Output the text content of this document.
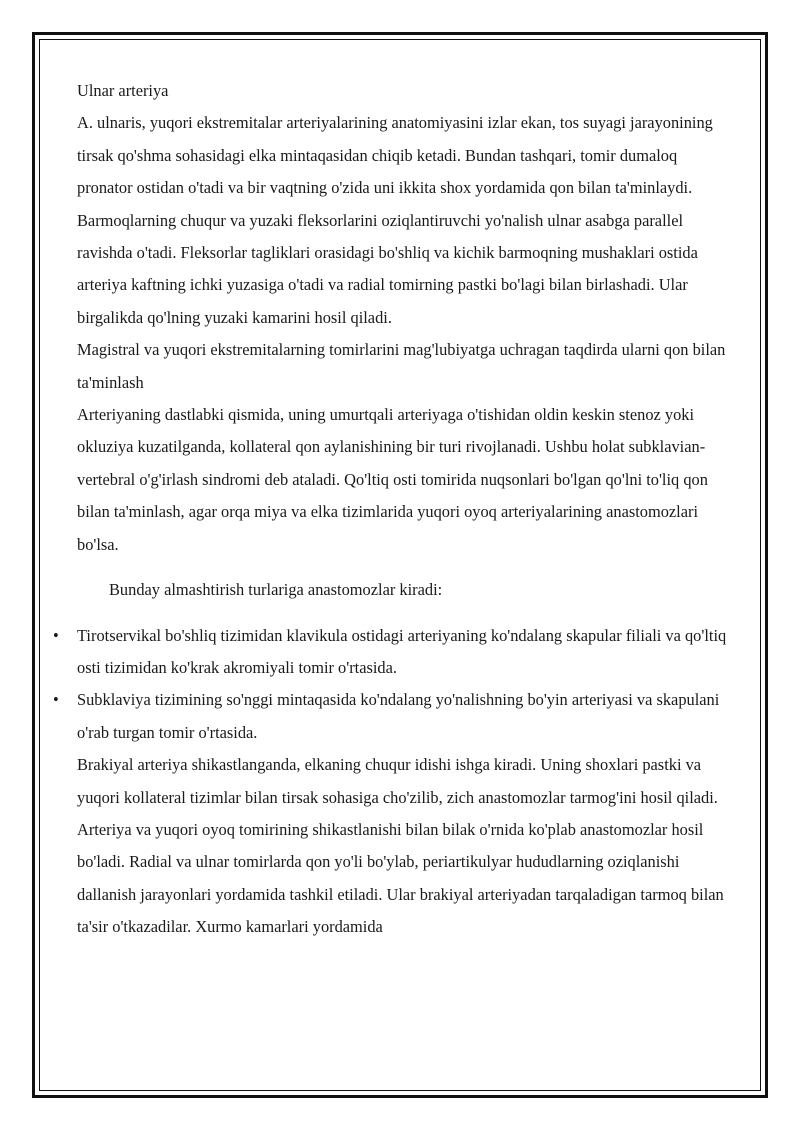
Ulnar arteriya

A. ulnaris, yuqori ekstremitalar arteriyalarining anatomiyasini izlar ekan, tos suyagi jarayonining tirsak qo'shma sohasidagi elka mintaqasidan chiqib ketadi. Bundan tashqari, tomir dumaloq pronator ostidan o'tadi va bir vaqtning o'zida uni ikkita shox yordamida qon bilan ta'minlaydi. Barmoqlarning chuqur va yuzaki fleksorlarini oziqlantiruvchi yo'nalish ulnar asabga parallel ravishda o'tadi. Fleksorlar tagliklari orasidagi bo'shliq va kichik barmoqning mushaklari ostida arteriya kaftning ichki yuzasiga o'tadi va radial tomirning pastki bo'lagi bilan birlashadi. Ular birgalikda qo'lning yuzaki kamarini hosil qiladi.

Magistral va yuqori ekstremitalarning tomirlarini mag'lubiyatga uchragan taqdirda ularni qon bilan ta'minlash

Arteriyaning dastlabki qismida, uning umurtqali arteriyaga o'tishidan oldin keskin stenoz yoki okluziya kuzatilganda, kollateral qon aylanishining bir turi rivojlanadi. Ushbu holat subklavian-vertebral o'g'irlash sindromi deb ataladi. Qo'ltiq osti tomirida nuqsonlari bo'lgan qo'lni to'liq qon bilan ta'minlash, agar orqa miya va elka tizimlarida yuqori oyoq arteriyalarining anastomozlari bo'lsa.

Bunday almashtirish turlariga anastomozlar kiradi:

• Tirotservikal bo'shliq tizimidan klavikula ostidagi arteriyaning ko'ndalang skapular filiali va qo'ltiq osti tizimidan ko'krak akromiyali tomir o'rtasida.
• Subklaviya tizimining so'nggi mintaqasida ko'ndalang yo'nalishning bo'yin arteriyasi va skapulani o'rab turgan tomir o'rtasida.

Brakiyal arteriya shikastlanganda, elkaning chuqur idishi ishga kiradi. Uning shoxlari pastki va yuqori kollateral tizimlar bilan tirsak sohasiga cho'zilib, zich anastomozlar tarmog'ini hosil qiladi.

Arteriya va yuqori oyoq tomirining shikastlanishi bilan bilak o'rnida ko'plab anastomozlar hosil bo'ladi. Radial va ulnar tomirlarda qon yo'li bo'ylab, periartikulyar hududlarning oziqlanishi dallanish jarayonlari yordamida tashkil etiladi. Ular brakiyal arteriyadan tarqaladigan tarmoq bilan ta'sir o'tkazadilar. Xurmo kamarlari yordamida
